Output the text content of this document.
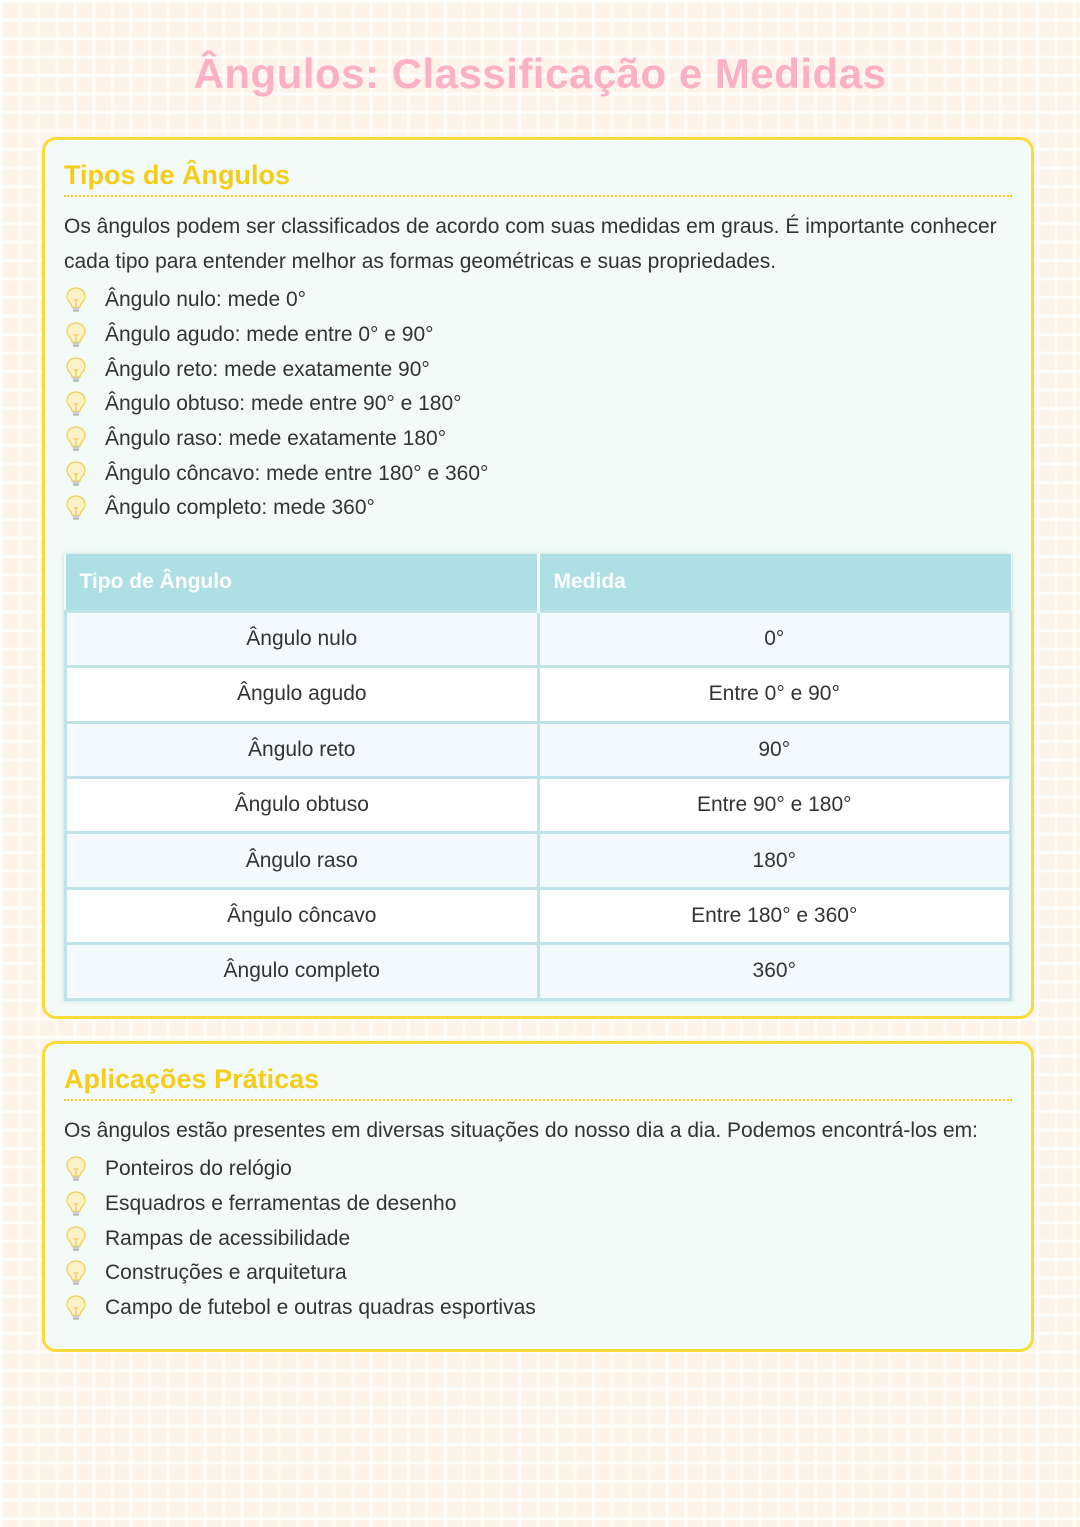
Ângulos: Classificação e Medidas
Tipos de Ângulos
Os ângulos podem ser classificados de acordo com suas medidas em graus. É importante conhecer cada tipo para entender melhor as formas geométricas e suas propriedades.
Ângulo nulo: mede 0°
Ângulo agudo: mede entre 0° e 90°
Ângulo reto: mede exatamente 90°
Ângulo obtuso: mede entre 90° e 180°
Ângulo raso: mede exatamente 180°
Ângulo côncavo: mede entre 180° e 360°
Ângulo completo: mede 360°
Tipo de Ângulo	Medida
Ângulo nulo	0°
Ângulo agudo	Entre 0° e 90°
Ângulo reto	90°
Ângulo obtuso	Entre 90° e 180°
Ângulo raso	180°
Ângulo côncavo	Entre 180° e 360°
Ângulo completo	360°
Aplicações Práticas
Os ângulos estão presentes em diversas situações do nosso dia a dia. Podemos encontrá-los em:
Ponteiros do relógio
Esquadros e ferramentas de desenho
Rampas de acessibilidade
Construções e arquitetura
Campo de futebol e outras quadras esportivas
